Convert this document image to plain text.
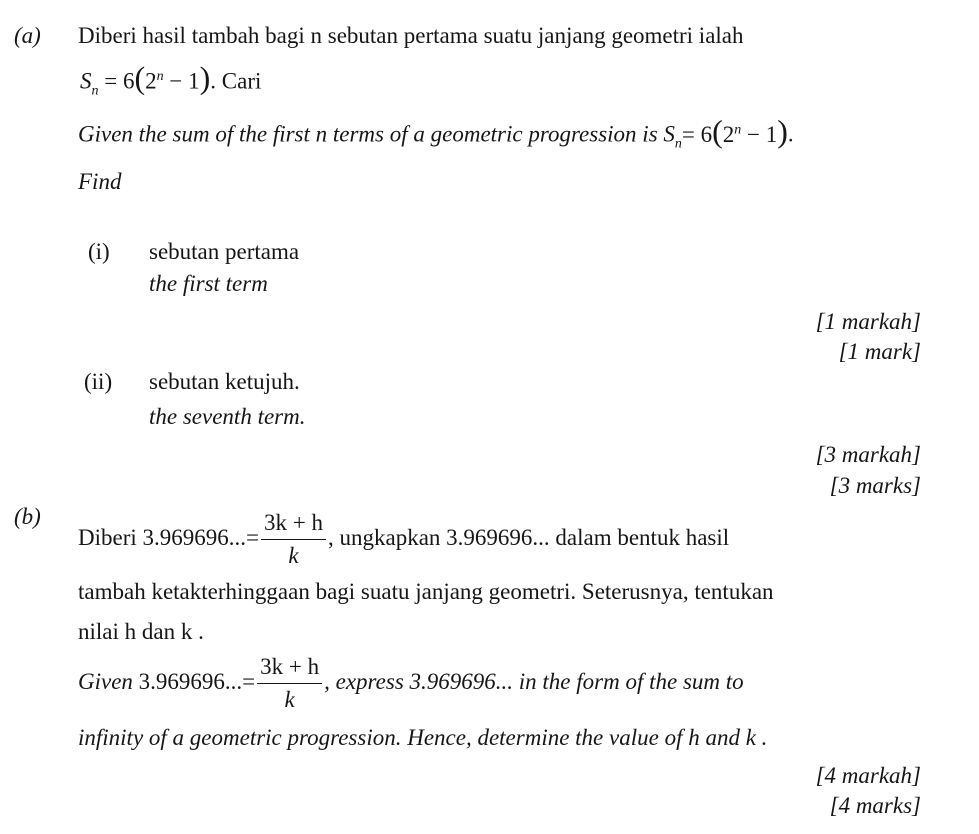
(a) Diberi hasil tambah bagi n sebutan pertama suatu janjang geometri ialah
$S_n = 6(2^n - 1)$. Cari
Given the sum of the first n terms of a geometric progression is $S_n= 6(2^n - 1)$.
Find
(i) sebutan pertama
the first term
[1 markah]
[1 mark]
(ii) sebutan ketujuh.
the seventh term.
[3 markah]
[3 marks]
(b)
Diberi $3.969696...= \frac{3k + h}{k}$ , ungkapkan 3.969696... dalam bentuk hasil
tambah ketakterhinggaan bagi suatu janjang geometri. Seterusnya, tentukan
nilai h dan k .
Given $3.969696...= \frac{3k + h}{k}$ , express 3.969696... in the form of the sum to
infinity of a geometric progression. Hence, determine the value of h and k .
[4 markah]
[4 marks]
